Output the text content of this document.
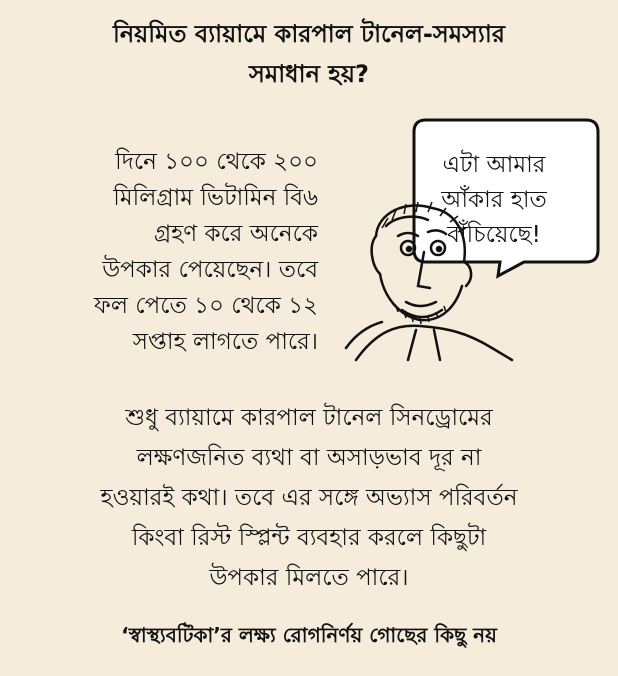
নিয়মিত ব্যায়ামে কারপাল টানেল-সমস্যার
সমাধান হয়?
দিনে ১০০ থেকে ২০০
মিলিগ্রাম ভিটামিন বি৬
গ্রহণ করে অনেকে
উপকার পেয়েছেন। তবে
ফল পেতে ১০ থেকে ১২
সপ্তাহ লাগতে পারে।
এটা আমার
আঁকার হাত
বাঁচিয়েছে!
শুধু ব্যায়ামে কারপাল টানেল সিনড্রোমের
লক্ষণজনিত ব্যথা বা অসাড়ভাব দূর না
হওয়ারই কথা। তবে এর সঙ্গে অভ্যাস পরিবর্তন
কিংবা রিস্ট স্প্লিন্ট ব্যবহার করলে কিছুটা
উপকার মিলতে পারে।
‘স্বাস্থ্যবটিকা’র লক্ষ্য রোগনির্ণয় গোছের কিছু নয়
